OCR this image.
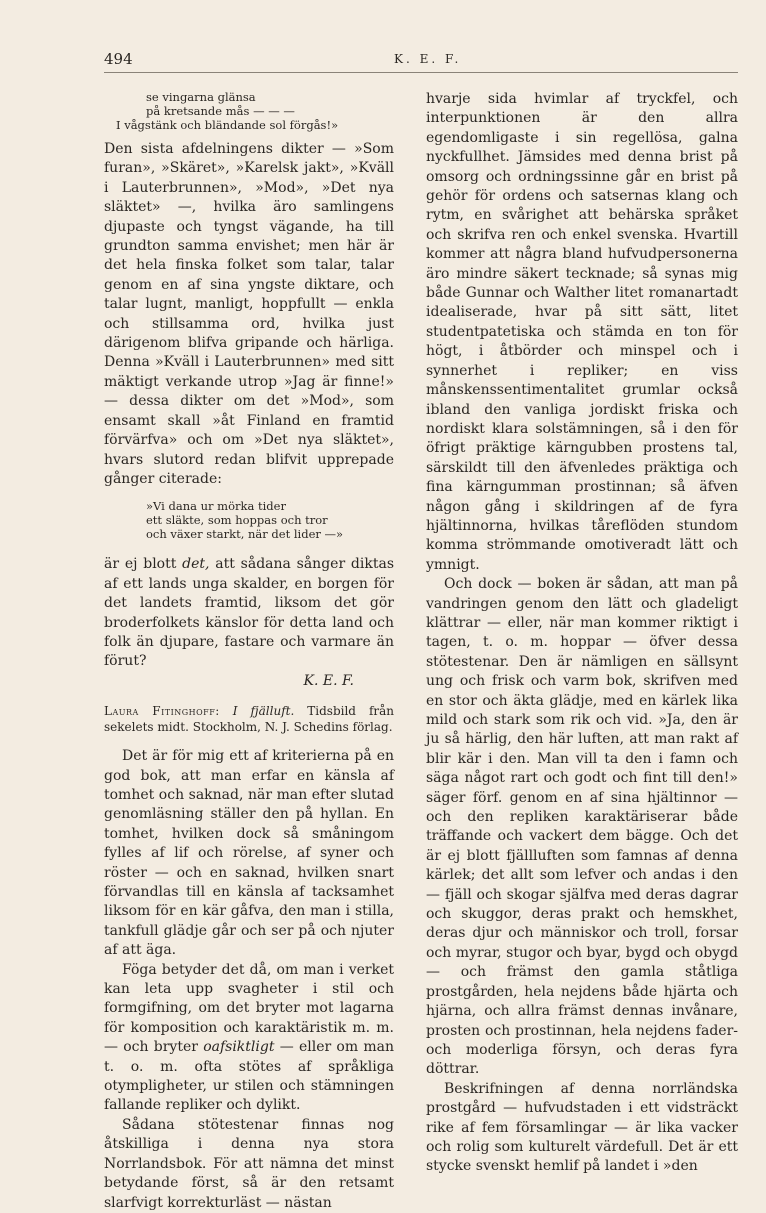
494	K. E. F.
se vingarna glänsa
på kretsande mås — — —
I vågstänk och bländande sol förgås!»

Den sista afdelningens dikter — »Som furan», »Skäret», »Karelsk jakt», »Kväll i Lauterbrunnen», »Mod», »Det nya släktet» —, hvilka äro samlingens djupaste och tyngst vägande, ha till grundton samma envishet; men här är det hela finska folket som talar, talar genom en af sina yngste diktare, och talar lugnt, manligt, hoppfullt — enkla och stillsamma ord, hvilka just därigenom blifva gripande och härliga. Denna »Kväll i Lauterbrunnen» med sitt mäktigt verkande utrop »Jag är finne!» — dessa dikter om det »Mod», som ensamt skall »åt Finland en framtid förvärfva» och om »Det nya släktet», hvars slutord redan blifvit upprepade gånger citerade:

»Vi dana ur mörka tider
ett släkte, som hoppas och tror
och växer starkt, när det lider —»

är ej blott det, att sådana sånger diktas af ett lands unga skalder, en borgen för det landets framtid, liksom det gör broderfolkets känslor för detta land och folk än djupare, fastare och varmare än förut?

K. E. F.
Laura Fitinghoff: I fjälluft. Tidsbild från sekelets midt. Stockholm, N. J. Schedins förlag.

Det är för mig ett af kriterierna på en god bok, att man erfar en känsla af tomhet och saknad, när man efter slutad genomläsning ställer den på hyllan. En tomhet, hvilken dock så småningom fylles af lif och rörelse, af syner och röster — och en saknad, hvilken snart förvandlas till en känsla af tacksamhet liksom för en kär gåfva, den man i stilla, tankfull glädje går och ser på och njuter af att äga.

Föga betyder det då, om man i verket kan leta upp svagheter i stil och formgifning, om det bryter mot lagarna för komposition och karaktäristik m. m. — och bryter oafsiktligt — eller om man t. o. m. ofta stötes af språkliga otympligheter, ur stilen och stämningen fallande repliker och dylikt.

Sådana stötestenar finnas nog åtskilliga i denna nya stora Norrlandsbok. För att nämna det minst betydande först, så är den retsamt slarfvigt korrekturläst — nästan

hvarje sida hvimlar af tryckfel, och interpunktionen är den allra egendomligaste i sin regellösa, galna nyckfullhet. Jämsides med denna brist på omsorg och ordningssinne går en brist på gehör för ordens och satsernas klang och rytm, en svårighet att behärska språket och skrifva ren och enkel svenska. Hvartill kommer att några bland hufvudpersonerna äro mindre säkert tecknade; så synas mig både Gunnar och Walther litet romanartadt idealiserade, hvar på sitt sätt, litet studentpatetiska och stämda en ton för högt, i åtbörder och minspel och i synnerhet i repliker; en viss månskenssentimentalitet grumlar också ibland den vanliga jordiskt friska och nordiskt klara solstämningen, så i den för öfrigt präktige kärngubben prostens tal, särskildt till den äfvenledes präktiga och fina kärngumman prostinnan; så äfven någon gång i skildringen af de fyra hjältinnorna, hvilkas tåreflöden stundom komma strömmande omotiveradt lätt och ymnigt.

Och dock — boken är sådan, att man på vandringen genom den lätt och gladeligt klättrar — eller, när man kommer riktigt i tagen, t. o. m. hoppar — öfver dessa stötestenar. Den är nämligen en sällsynt ung och frisk och varm bok, skrifven med en stor och äkta glädje, med en kärlek lika mild och stark som rik och vid. »Ja, den är ju så härlig, den här luften, att man rakt af blir kär i den. Man vill ta den i famn och säga något rart och godt och fint till den!» säger förf. genom en af sina hjältinnor — och den repliken karaktäriserar både träffande och vackert dem bägge. Och det är ej blott fjällluften som famnas af denna kärlek; det allt som lefver och andas i den — fjäll och skogar själfva med deras dagrar och skuggor, deras prakt och hemskhet, deras djur och människor och troll, forsar och myrar, stugor och byar, bygd och obygd — och främst den gamla ståtliga prostgården, hela nejdens både hjärta och hjärna, och allra främst dennas invånare, prosten och prostinnan, hela nejdens fader- och moderliga försyn, och deras fyra döttrar.

Beskrifningen af denna norrländska prostgård — hufvudstaden i ett vidsträckt rike af fem församlingar — är lika vacker och rolig som kulturelt värdefull. Det är ett stycke svenskt hemlif på landet i »den
